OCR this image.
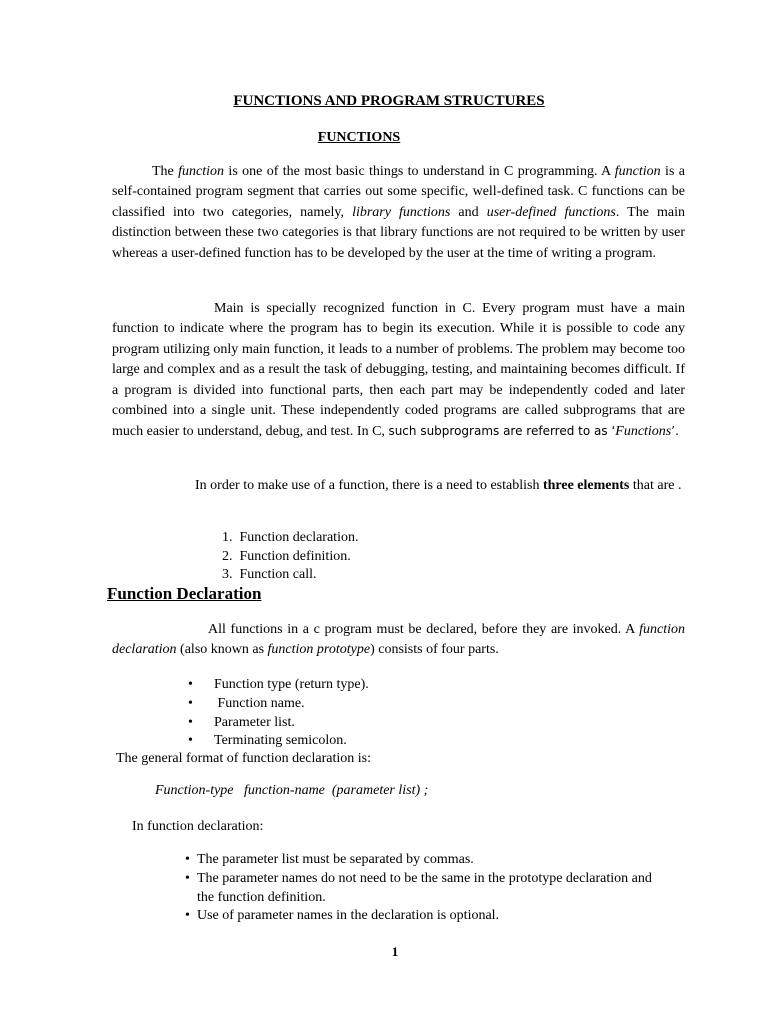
FUNCTIONS AND PROGRAM STRUCTURES
FUNCTIONS

The function is one of the most basic things to understand in C programming. A function is a self-contained program segment that carries out some specific, well-defined task. C functions can be classified into two categories, namely, library functions and user-defined functions. The main distinction between these two categories is that library functions are not required to be written by user whereas a user-defined function has to be developed by the user at the time of writing a program.

Main is specially recognized function in C. Every program must have a main function to indicate where the program has to begin its execution. While it is possible to code any program utilizing only main function, it leads to a number of problems. The problem may become too large and complex and as a result the task of debugging, testing, and maintaining becomes difficult. If a program is divided into functional parts, then each part may be independently coded and later combined into a single unit. These independently coded programs are called subprograms that are much easier to understand, debug, and test. In C, such subprograms are referred to as ‘Functions’.

In order to make use of a function, there is a need to establish three elements that are .

1. Function declaration.
2. Function definition.
3. Function call.
Function Declaration

All functions in a c program must be declared, before they are invoked. A function declaration (also known as function prototype) consists of four parts.

• Function type (return type).
• Function name.
• Parameter list.
• Terminating semicolon.
The general format of function declaration is:
Function-type   function-name  (parameter list) ;
In function declaration:
• The parameter list must be separated by commas.
• The parameter names do not need to be the same in the prototype declaration and the function definition.
• Use of parameter names in the declaration is optional.
1
